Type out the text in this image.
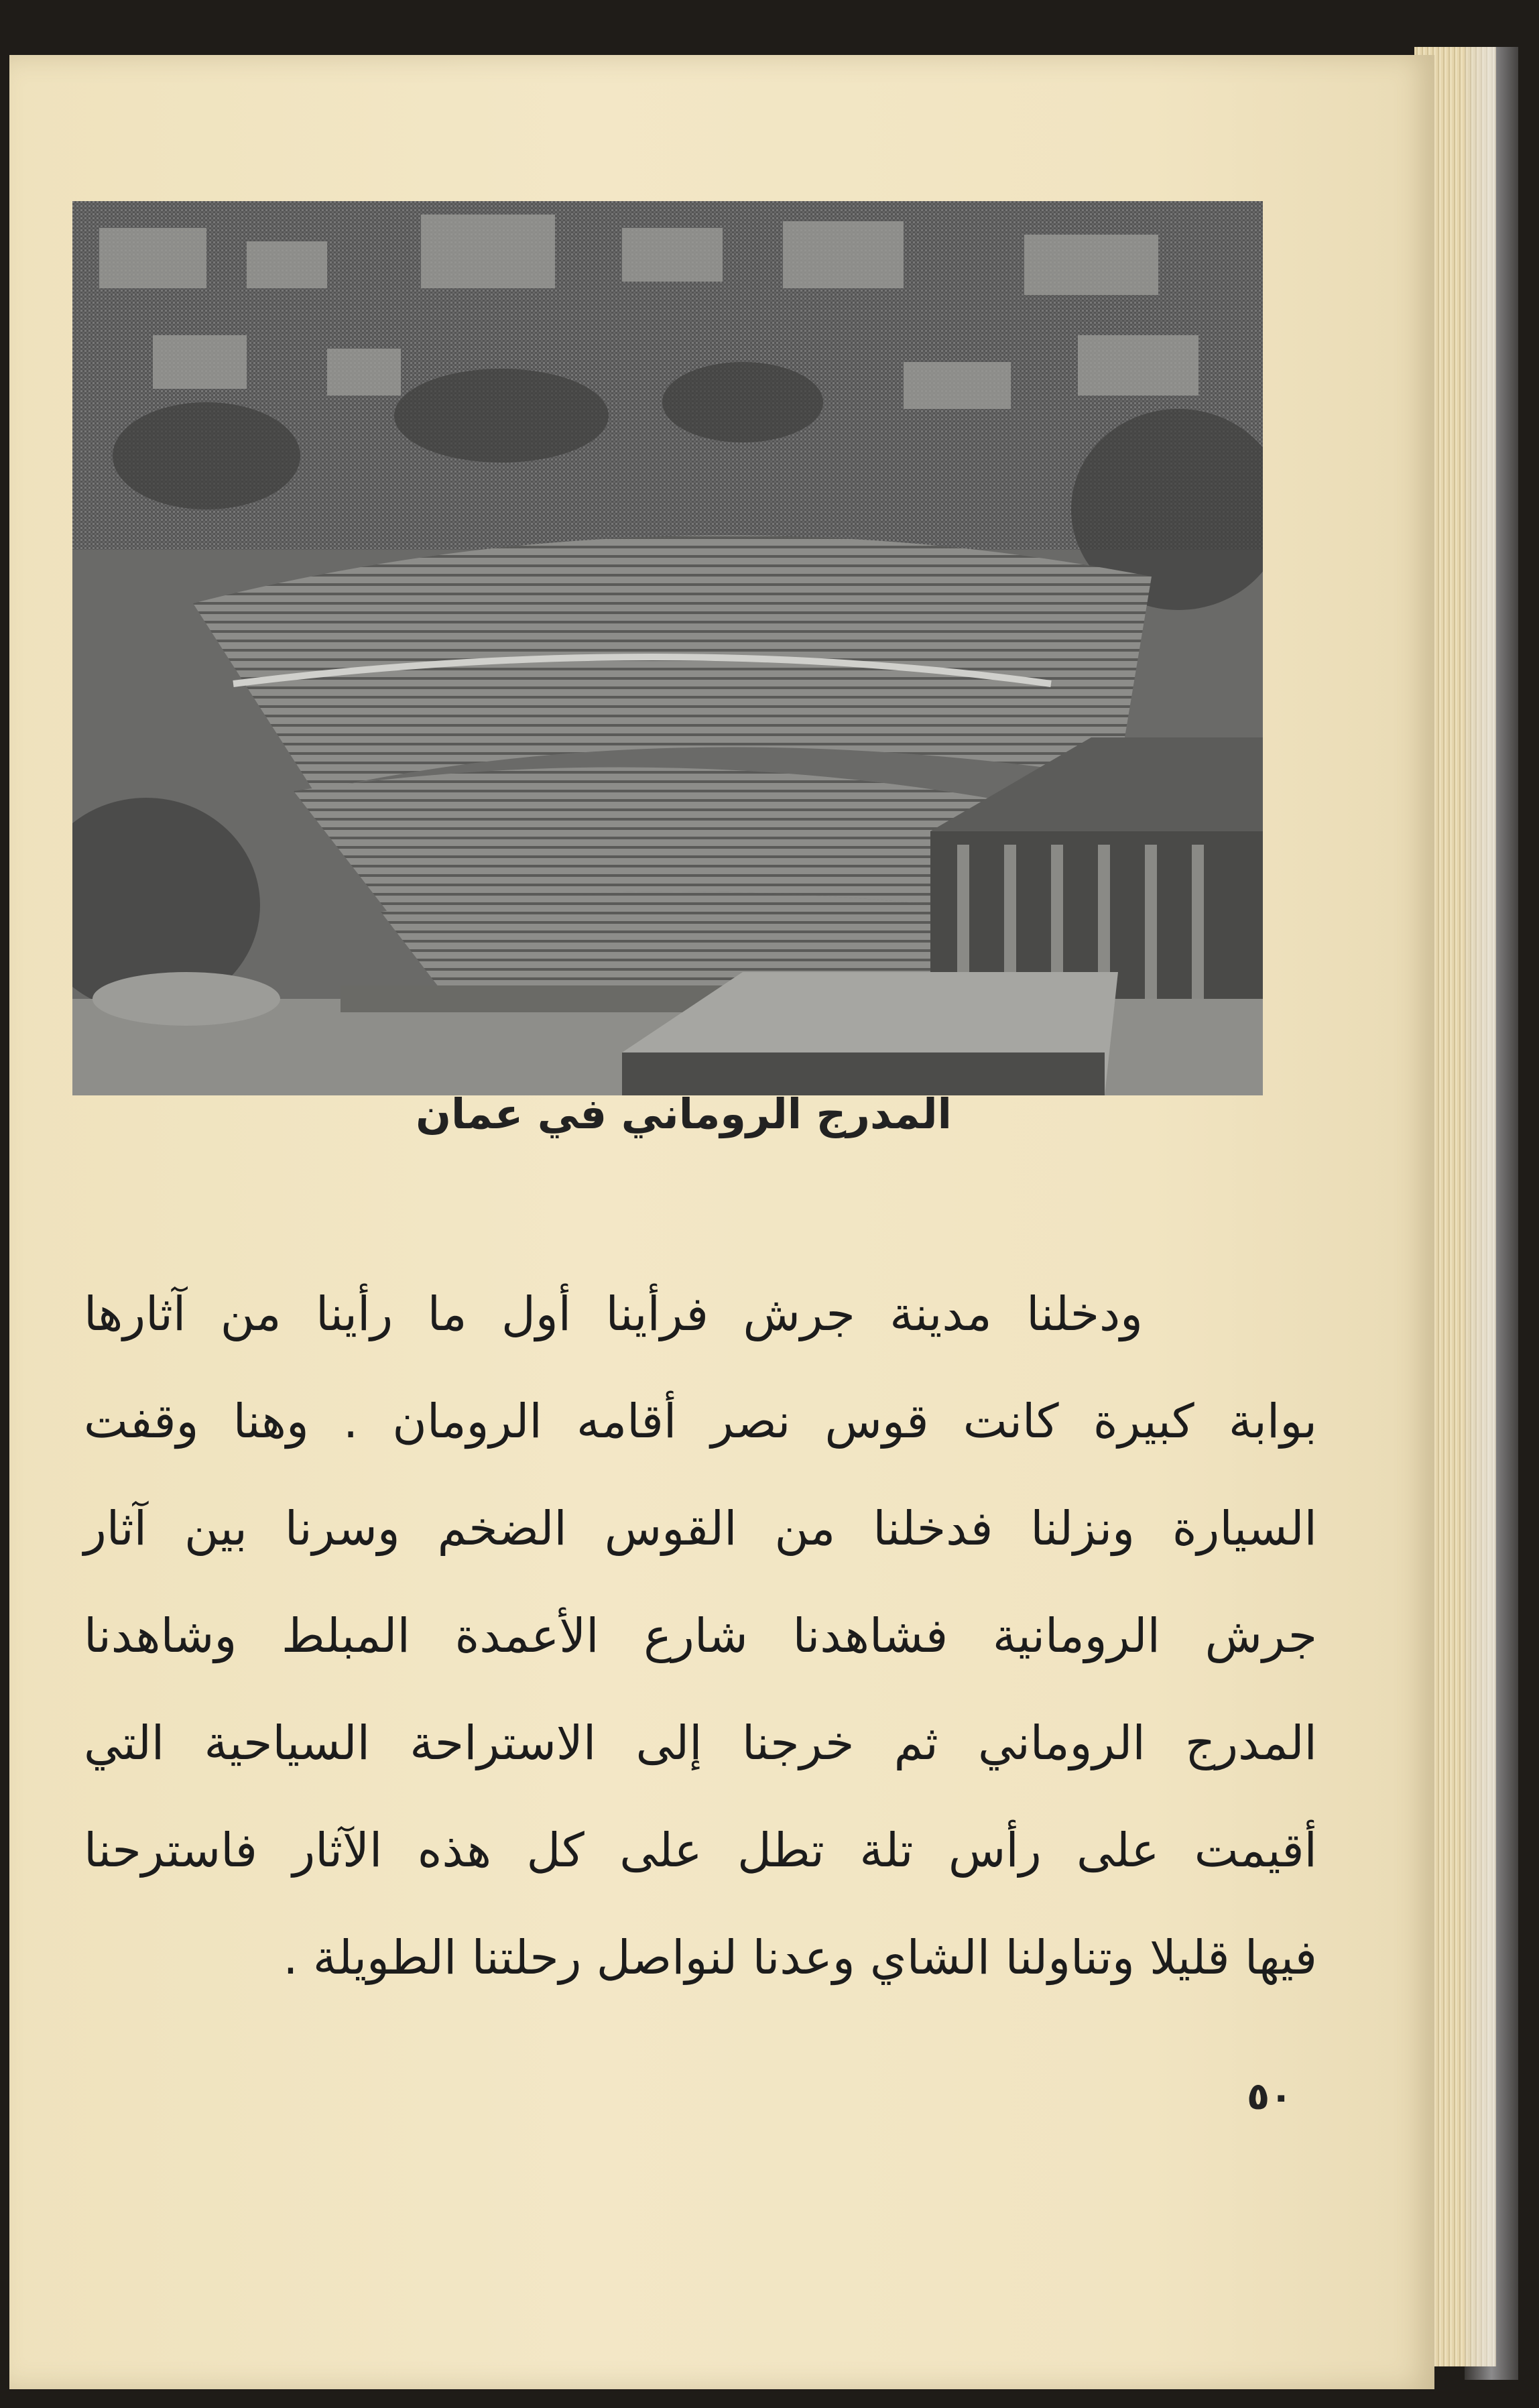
المدرج الروماني في عمان
ودخلنا مدينة جرش فرأينا أول ما رأينا من آثارها
بوابة كبيرة كانت قوس نصر أقامه الرومان . وهنا وقفت
السيارة ونزلنا فدخلنا من القوس الضخم وسرنا بين آثار
جرش الرومانية فشاهدنا شارع الأعمدة المبلط وشاهدنا
المدرج الروماني ثم خرجنا إلى الاستراحة السياحية التي
أقيمت على رأس تلة تطل على كل هذه الآثار فاسترحنا
فيها قليلا وتناولنا الشاي وعدنا لنواصل رحلتنا الطويلة .
٥٠
